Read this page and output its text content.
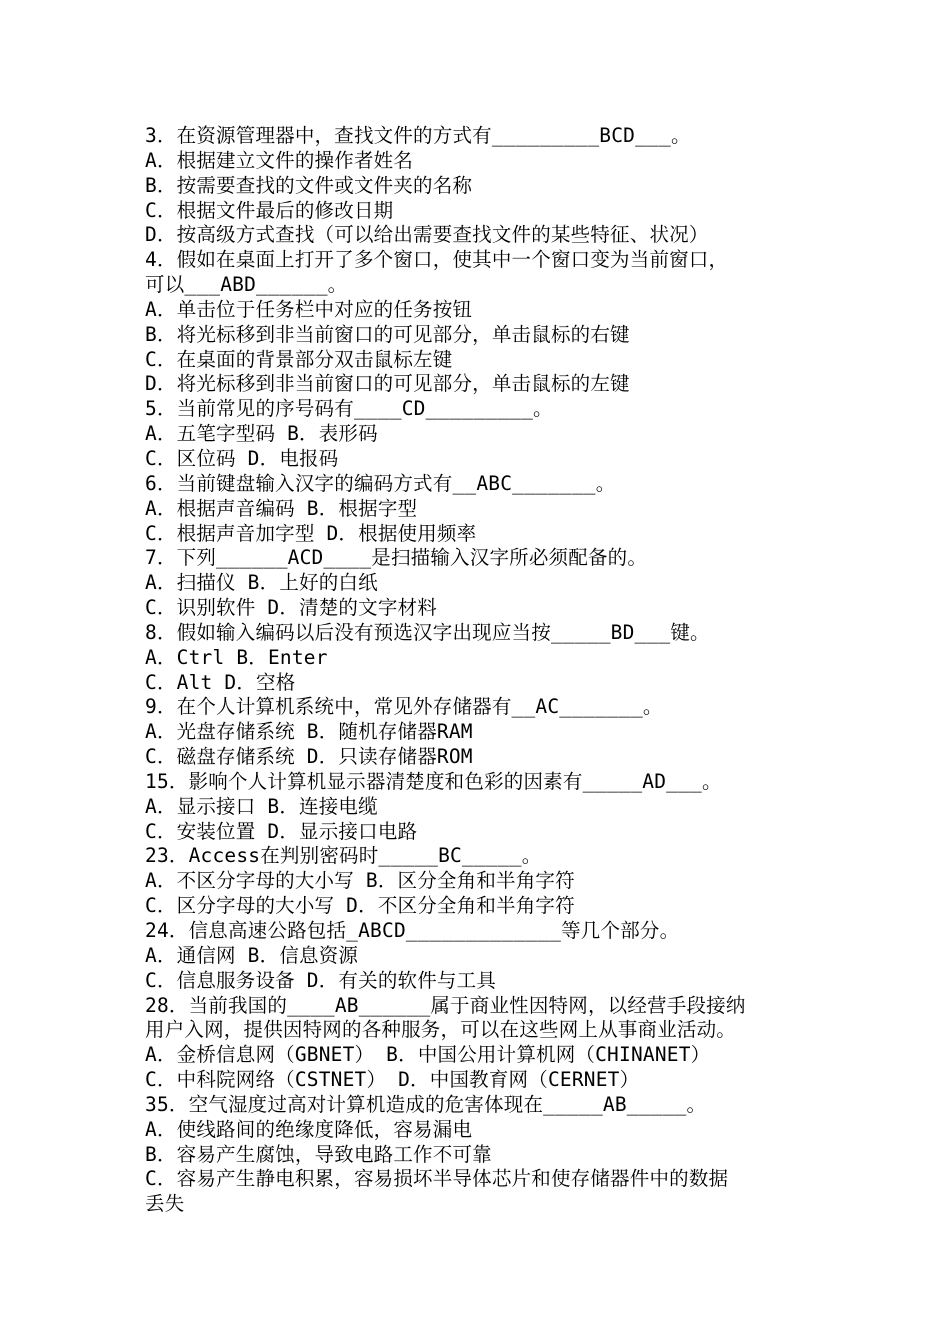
3．在资源管理器中，查找文件的方式有_________BCD___。
A．根据建立文件的操作者姓名
B．按需要查找的文件或文件夹的名称
C．根据文件最后的修改日期
D．按高级方式查找（可以给出需要查找文件的某些特征、状况）
4．假如在桌面上打开了多个窗口，使其中一个窗口变为当前窗口，
可以___ABD______。
A．单击位于任务栏中对应的任务按钮
B．将光标移到非当前窗口的可见部分，单击鼠标的右键
C．在桌面的背景部分双击鼠标左键
D．将光标移到非当前窗口的可见部分，单击鼠标的左键
5．当前常见的序号码有____CD_________。
A．五笔字型码 B．表形码
C．区位码 D．电报码
6．当前键盘输入汉字的编码方式有__ABC_______。
A．根据声音编码 B．根据字型
C．根据声音加字型 D．根据使用频率
7．下列______ACD____是扫描输入汉字所必须配备的。
A．扫描仪 B．上好的白纸
C．识别软件 D．清楚的文字材料
8．假如输入编码以后没有预选汉字出现应当按_____BD___键。
A．Ctrl B．Enter
C．Alt D．空格
9．在个人计算机系统中，常见外存储器有__AC_______。
A．光盘存储系统 B．随机存储器RAM
C．磁盘存储系统 D．只读存储器ROM
15．影响个人计算机显示器清楚度和色彩的因素有_____AD___。
A．显示接口 B．连接电缆
C．安装位置 D．显示接口电路
23．Access在判别密码时_____BC_____。
A．不区分字母的大小写 B．区分全角和半角字符
C．区分字母的大小写 D．不区分全角和半角字符
24．信息高速公路包括_ABCD_____________等几个部分。
A．通信网 B．信息资源
C．信息服务设备 D．有关的软件与工具
28．当前我国的____AB______属于商业性因特网，以经营手段接纳
用户入网，提供因特网的各种服务，可以在这些网上从事商业活动。
A．金桥信息网（GBNET） B．中国公用计算机网（CHINANET）
C．中科院网络（CSTNET） D．中国教育网（CERNET）
35．空气湿度过高对计算机造成的危害体现在_____AB_____。
A．使线路间的绝缘度降低，容易漏电
B．容易产生腐蚀，导致电路工作不可靠
C．容易产生静电积累，容易损坏半导体芯片和使存储器件中的数据
丢失
